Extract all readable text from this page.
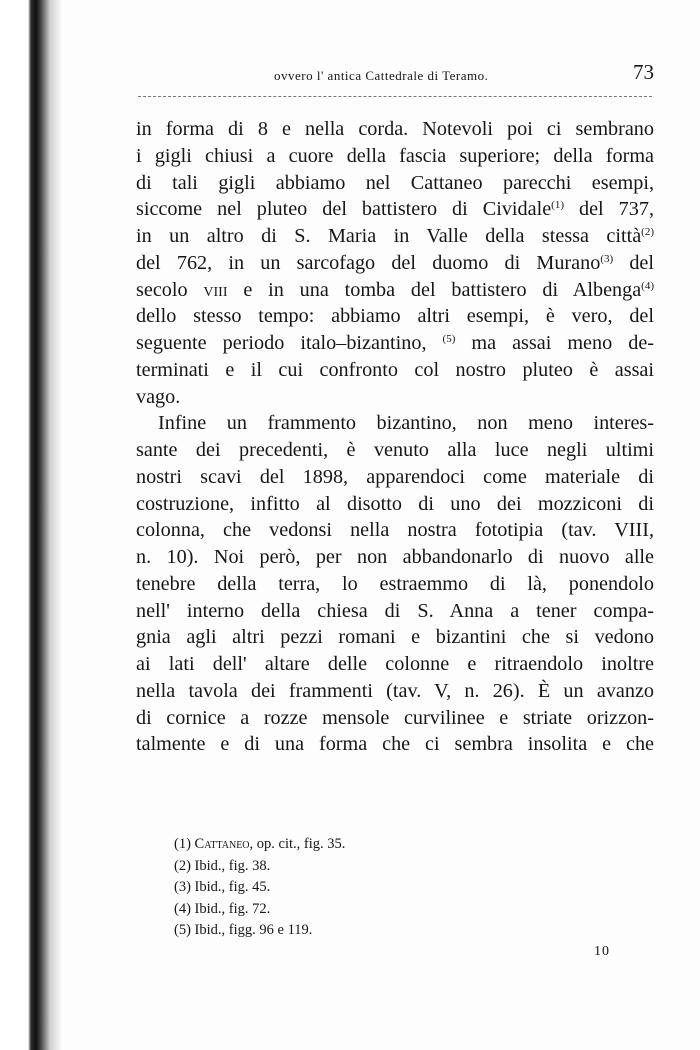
ovvero l' antica Cattedrale di Teramo.	73
in forma di 8 e nella corda. Notevoli poi ci sembrano
i gigli chiusi a cuore della fascia superiore; della forma
di tali gigli abbiamo nel Cattaneo parecchi esempi,
siccome nel pluteo del battistero di Cividale$^{(1)}$ del 737,
in un altro di S. Maria in Valle della stessa città$^{(2)}$
del 762, in un sarcofago del duomo di Murano$^{(3)}$ del
secolo viii e in una tomba del battistero di Albenga$^{(4)}$
dello stesso tempo: abbiamo altri esempi, è vero, del
seguente periodo italo–bizantino, $^{(5)}$ ma assai meno de-
terminati e il cui confronto col nostro pluteo è assai
vago.
Infine un frammento bizantino, non meno interes-
sante dei precedenti, è venuto alla luce negli ultimi
nostri scavi del 1898, apparendoci come materiale di
costruzione, infitto al disotto di uno dei mozziconi di
colonna, che vedonsi nella nostra fototipia (tav. VIII,
n. 10). Noi però, per non abbandonarlo di nuovo alle
tenebre della terra, lo estraemmo di là, ponendolo
nell' interno della chiesa di S. Anna a tener compa-
gnia agli altri pezzi romani e bizantini che si vedono
ai lati dell' altare delle colonne e ritraendolo inoltre
nella tavola dei frammenti (tav. V, n. 26). È un avanzo
di cornice a rozze mensole curvilinee e striate orizzon-
talmente e di una forma che ci sembra insolita e che
(1) Cattaneo, op. cit., fig. 35.
(2) Ibid., fig. 38.
(3) Ibid., fig. 45.
(4) Ibid., fig. 72.
(5) Ibid., figg. 96 e 119.
10
